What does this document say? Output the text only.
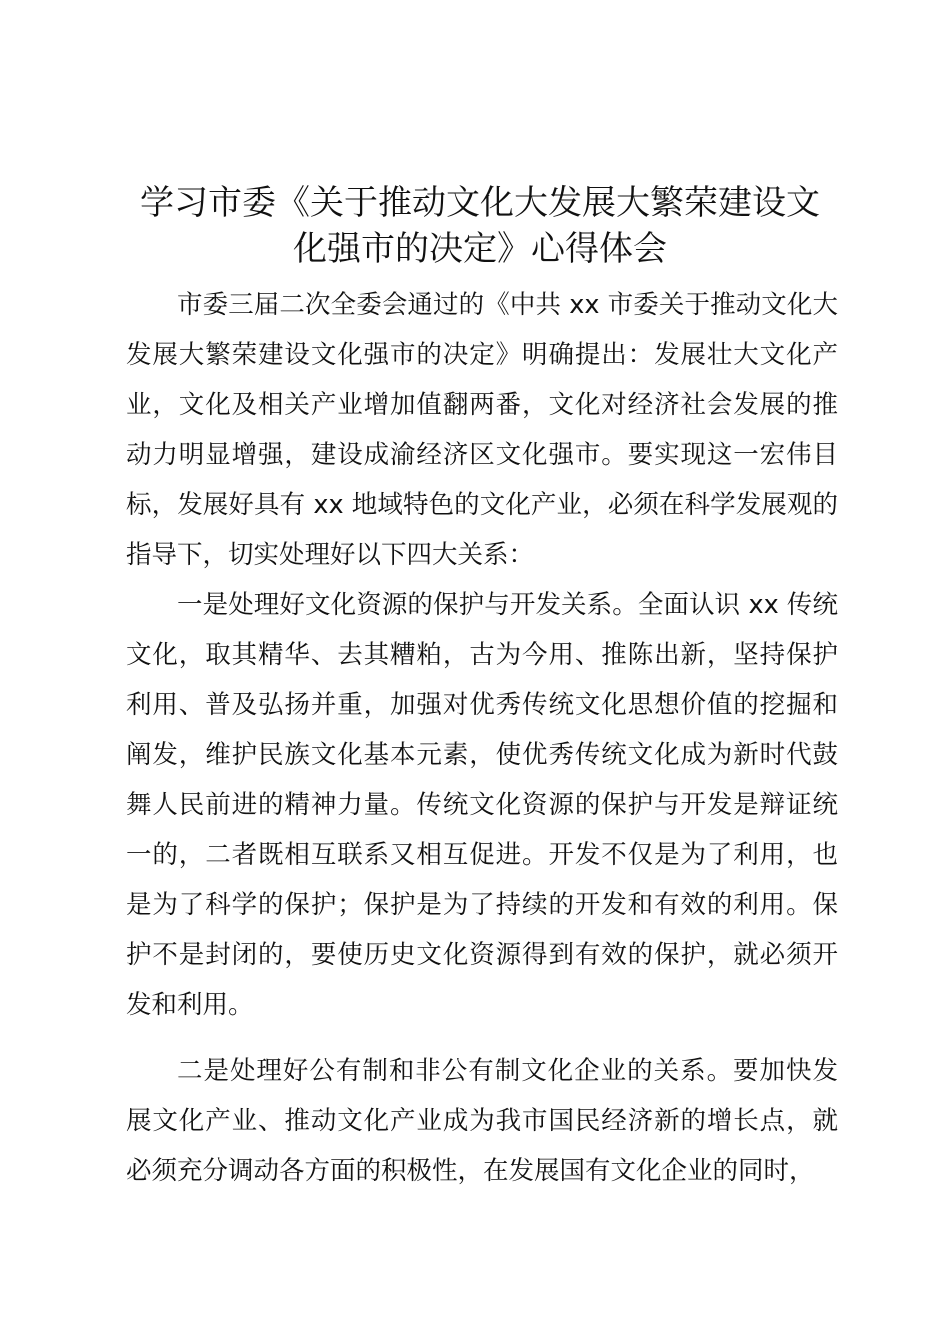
学习市委《关于推动文化大发展大繁荣建设文
化强市的决定》心得体会

市委三届二次全委会通过的《中共 xx 市委关于推动文化大发展大繁荣建设文化强市的决定》明确提出：发展壮大文化产业，文化及相关产业增加值翻两番，文化对经济社会发展的推动力明显增强，建设成渝经济区文化强市。要实现这一宏伟目标，发展好具有 xx 地域特色的文化产业，必须在科学发展观的指导下，切实处理好以下四大关系：

一是处理好文化资源的保护与开发关系。全面认识 xx 传统文化，取其精华、去其糟粕，古为今用、推陈出新，坚持保护利用、普及弘扬并重，加强对优秀传统文化思想价值的挖掘和阐发，维护民族文化基本元素，使优秀传统文化成为新时代鼓舞人民前进的精神力量。传统文化资源的保护与开发是辩证统一的，二者既相互联系又相互促进。开发不仅是为了利用，也是为了科学的保护；保护是为了持续的开发和有效的利用。保护不是封闭的，要使历史文化资源得到有效的保护，就必须开发和利用。

二是处理好公有制和非公有制文化企业的关系。要加快发展文化产业、推动文化产业成为我市国民经济新的增长点，就必须充分调动各方面的积极性，在发展国有文化企业的同时，
